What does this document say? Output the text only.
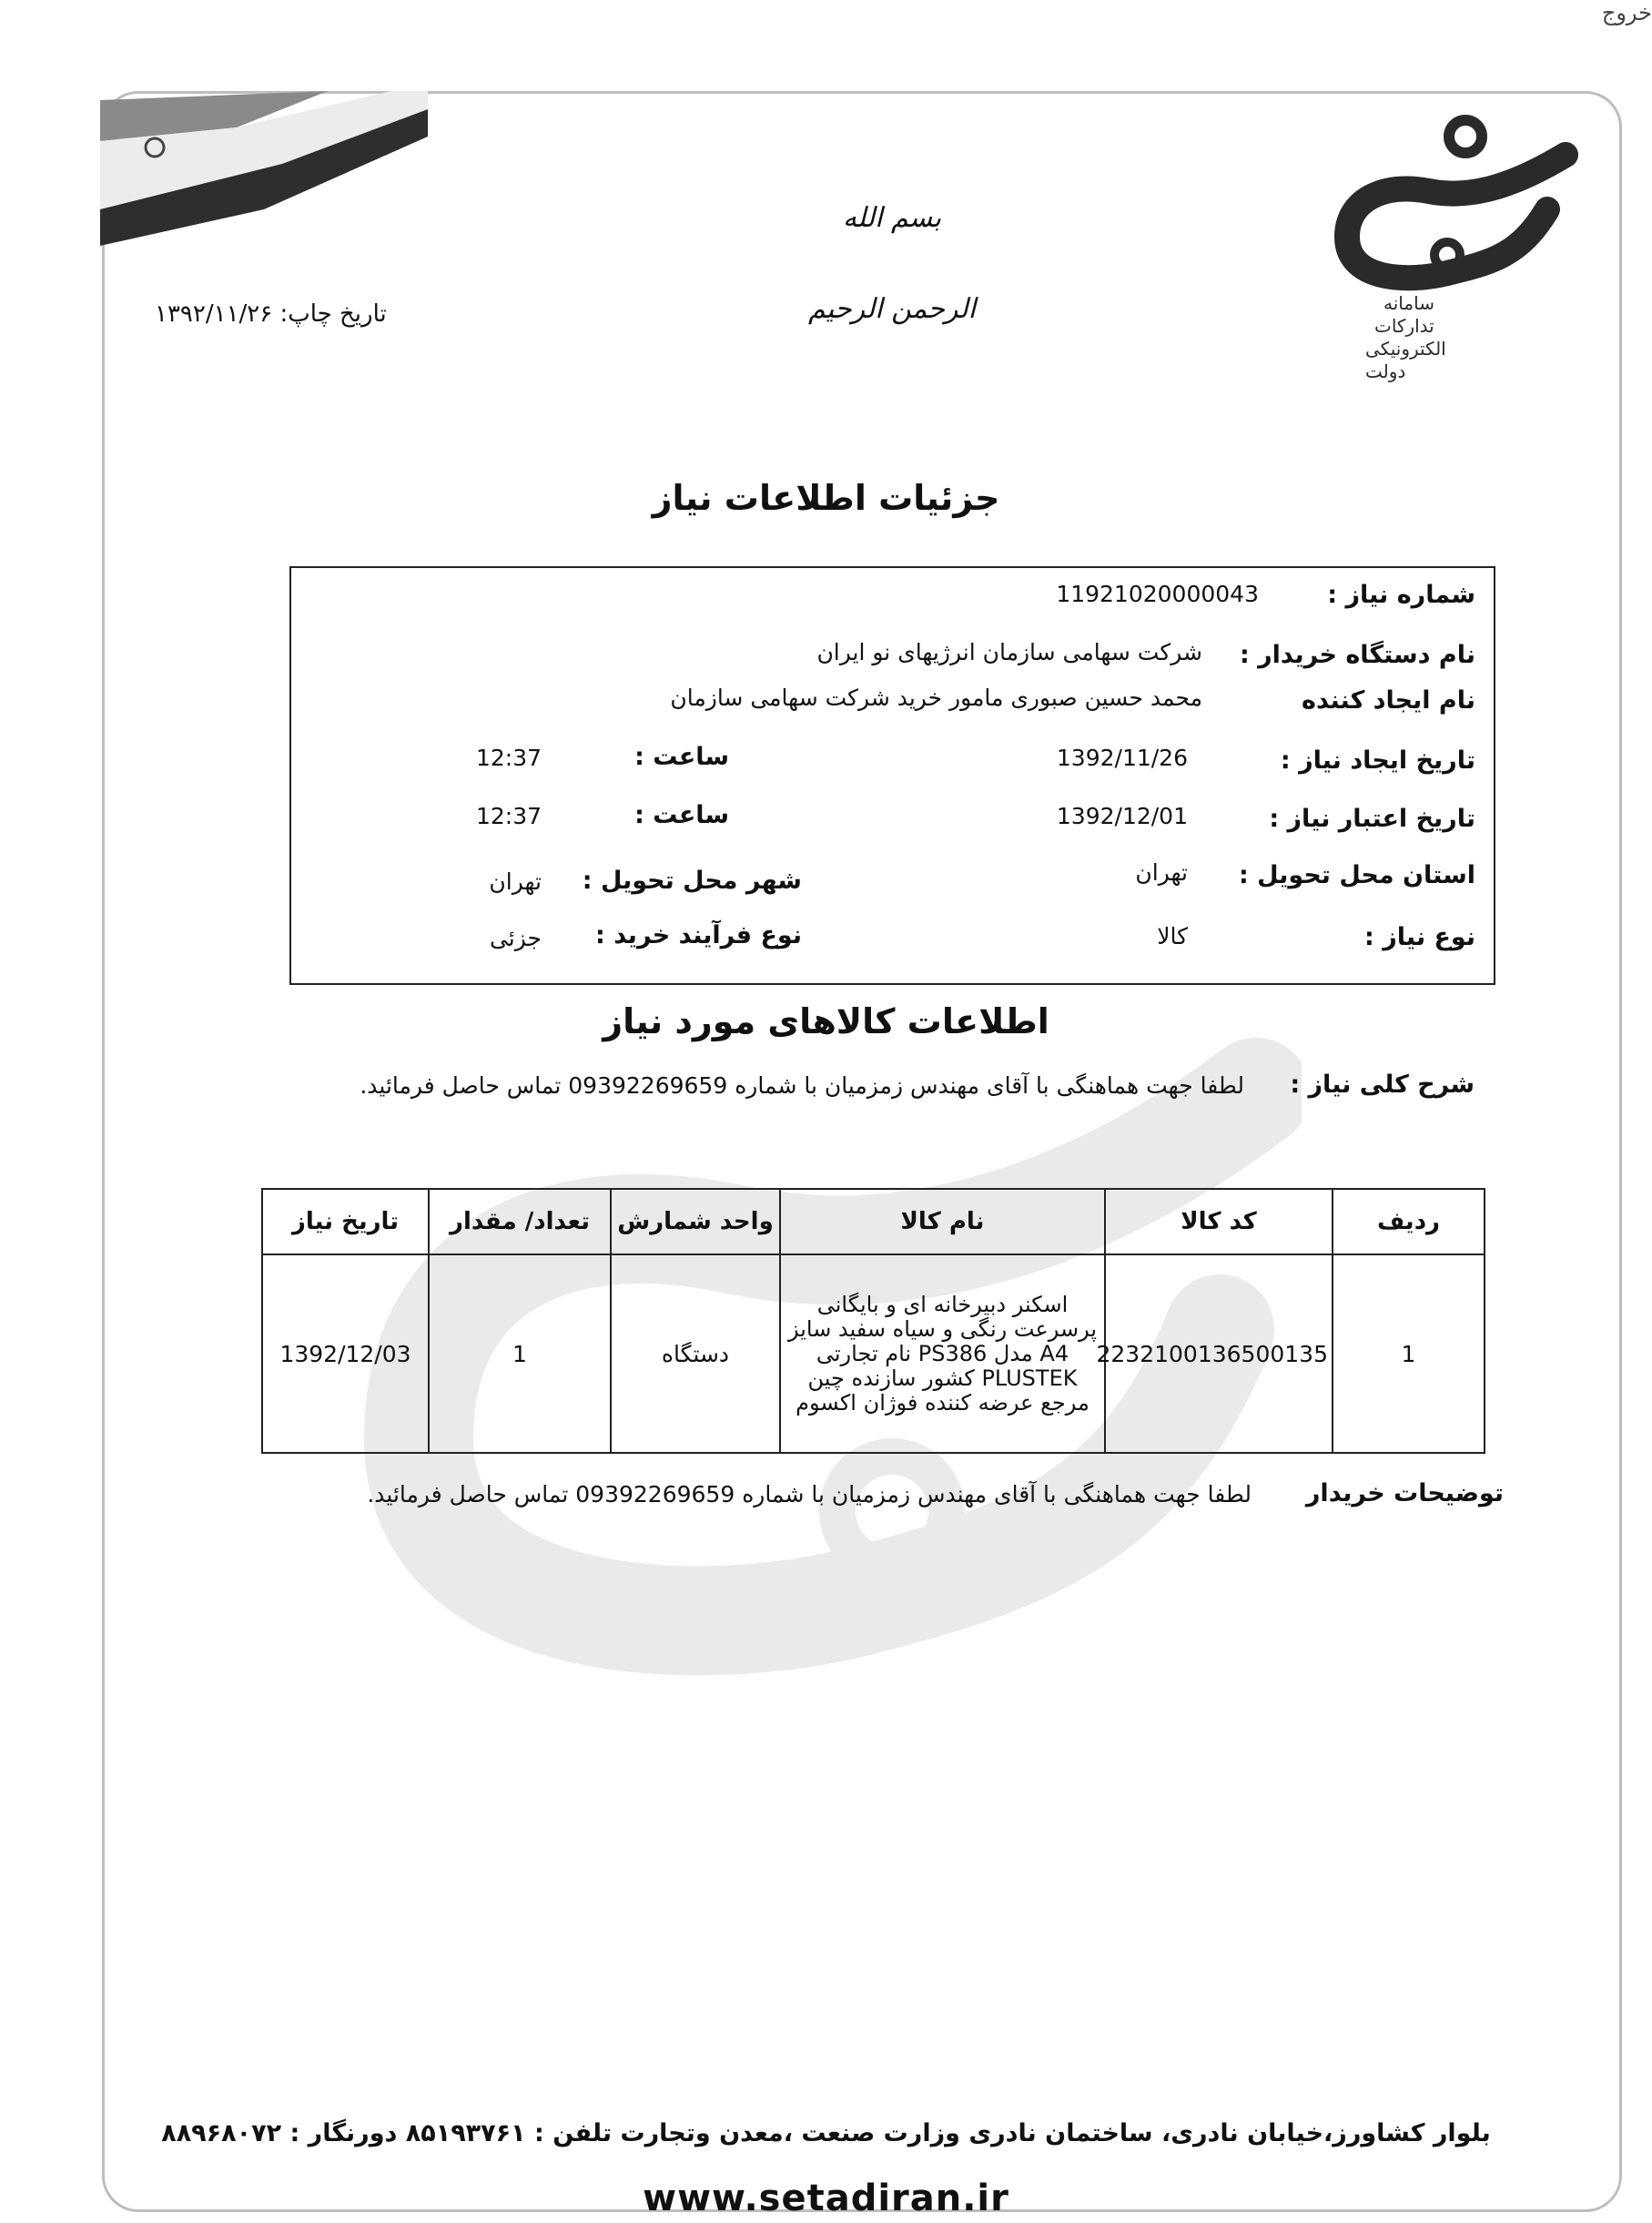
خروج
سامانه
تدارکات
الکترونیکی
دولت
بسم الله الرحمن الرحیم
تاریخ چاپ: ۱۳۹۲/۱۱/۲۶
جزئیات اطلاعات نیاز
شماره نیاز :
11921020000043
نام دستگاه خریدار :
شرکت سهامی سازمان انرژیهای نو ایران
نام ایجاد کننده
محمد حسین صبوری مامور خرید شرکت سهامی سازمان
تاریخ ایجاد نیاز :
1392/11/26
ساعت :
12:37
تاریخ اعتبار نیاز :
1392/12/01
ساعت :
12:37
استان محل تحویل :
تهران
شهر محل تحویل :
تهران
نوع نیاز :
کالا
نوع فرآیند خرید :
جزئی
اطلاعات کالاهای مورد نیاز
شرح کلی نیاز :
لطفا جهت هماهنگی با آقای مهندس زمزمیان با شماره 09392269659 تماس حاصل فرمائید.
ردیف	کد کالا	نام کالا	واحد شمارش	تعداد/ مقدار	تاریخ نیاز
1	2232100136500135	اسکنر دبیرخانه ای و بایگانی پرسرعت رنگی و سیاه سفید سایز A4 مدل PS386 نام تجارتی PLUSTEK کشور سازنده چین مرجع عرضه کننده فوژان اکسوم	دستگاه	1	1392/12/03
توضیحات خریدار
لطفا جهت هماهنگی با آقای مهندس زمزمیان با شماره 09392269659 تماس حاصل فرمائید.
بلوار کشاورز،خیابان نادری، ساختمان نادری وزارت صنعت ،معدن وتجارت تلفن : ۸۵۱۹۳۷۶۱ دورنگار : ۸۸۹۶۸۰۷۲
www.setadiran.ir
